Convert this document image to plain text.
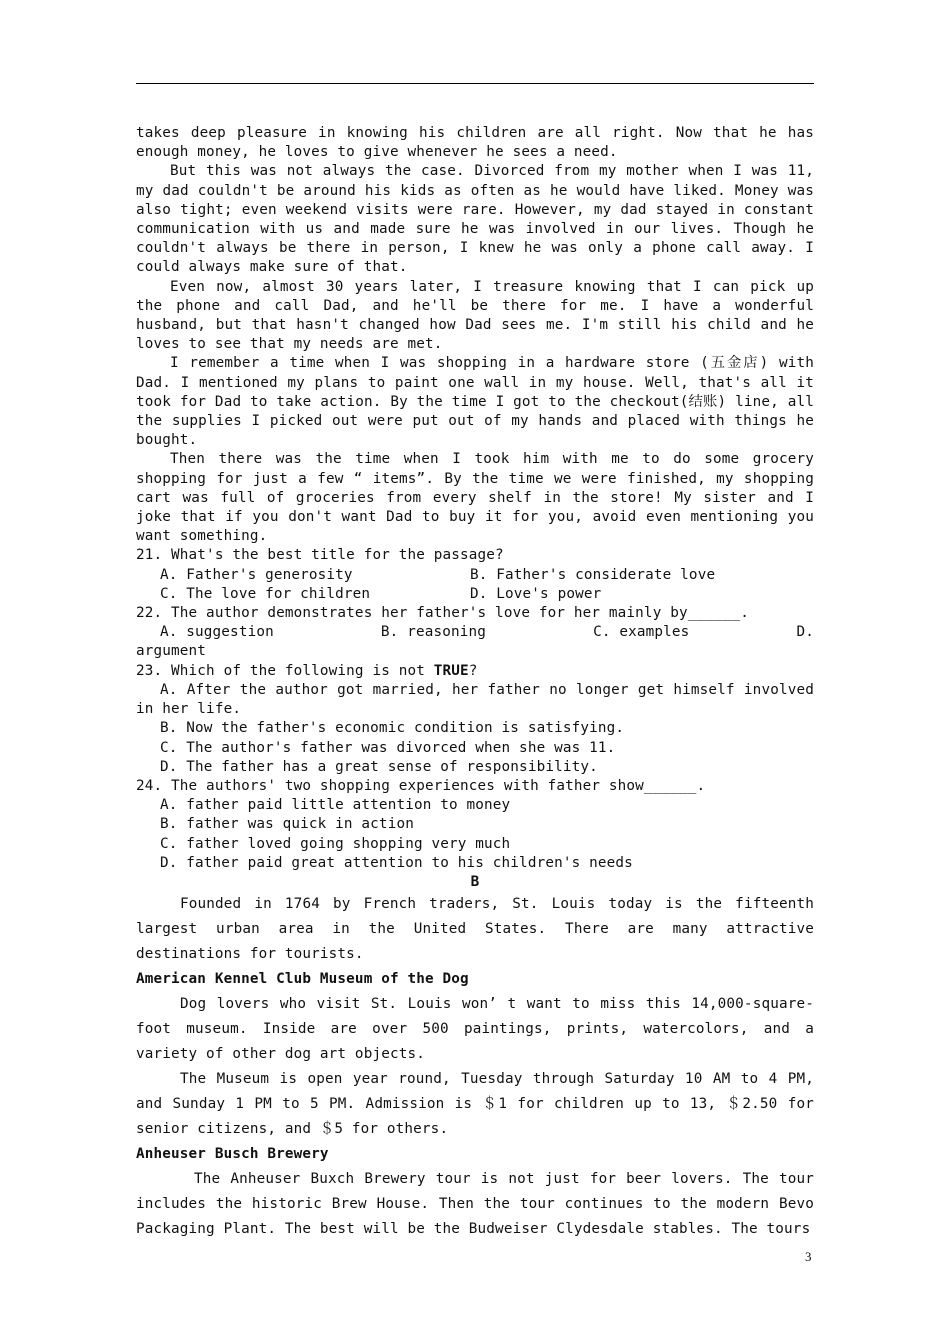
takes deep pleasure in knowing his children are all right. Now that he has enough money, he loves to give whenever he sees a need.

But this was not always the case. Divorced from my mother when I was 11, my dad couldn't be around his kids as often as he would have liked. Money was also tight; even weekend visits were rare. However, my dad stayed in constant communication with us and made sure he was involved in our lives. Though he couldn't always be there in person, I knew he was only a phone call away. I could always make sure of that.

Even now, almost 30 years later, I treasure knowing that I can pick up the phone and call Dad, and he'll be there for me. I have a wonderful husband, but that hasn't changed how Dad sees me. I'm still his child and he loves to see that my needs are met.

I remember a time when I was shopping in a hardware store (五金店) with Dad. I mentioned my plans to paint one wall in my house. Well, that's all it took for Dad to take action. By the time I got to the checkout(结账) line, all the supplies I picked out were put out of my hands and placed with things he bought.

Then there was the time when I took him with me to do some grocery shopping for just a few “ items”. By the time we were finished, my shopping cart was full of groceries from every shelf in the store! My sister and I joke that if you don't want Dad to buy it for you, avoid even mentioning you want something.

21. What's the best title for the passage?

A. Father's generosity	B. Father's considerate love
C. The love for children	D. Love's power

22. The author demonstrates her father's love for her mainly by______.

A. suggestion	B. reasoning	C. examples	D.

argument

23. Which of the following is not TRUE?

A. After the author got married, her father no longer get himself involved in her life.

B. Now the father's economic condition is satisfying.

C. The author's father was divorced when she was 11.

D. The father has a great sense of responsibility.

24. The authors' two shopping experiences with father show______.

A. father paid little attention to money

B. father was quick in action

C. father loved going shopping very much

D. father paid great attention to his children's needs

B

Founded in 1764 by French traders, St. Louis today is the fifteenth largest urban area in the United States. There are many attractive destinations for tourists.

American Kennel Club Museum of the Dog

Dog lovers who visit St. Louis won’ t want to miss this 14,000-square-foot museum. Inside are over 500 paintings, prints, watercolors, and a variety of other dog art objects.

The Museum is open year round, Tuesday through Saturday 10 AM to 4 PM, and Sunday 1 PM to 5 PM. Admission is ＄1 for children up to 13, ＄2.50 for senior citizens, and ＄5 for others.

Anheuser Busch Brewery

The Anheuser Buxch Brewery tour is not just for beer lovers. The tour includes the historic Brew House. Then the tour continues to the modern Bevo Packaging Plant. The best will be the Budweiser Clydesdale stables. The tours

3
